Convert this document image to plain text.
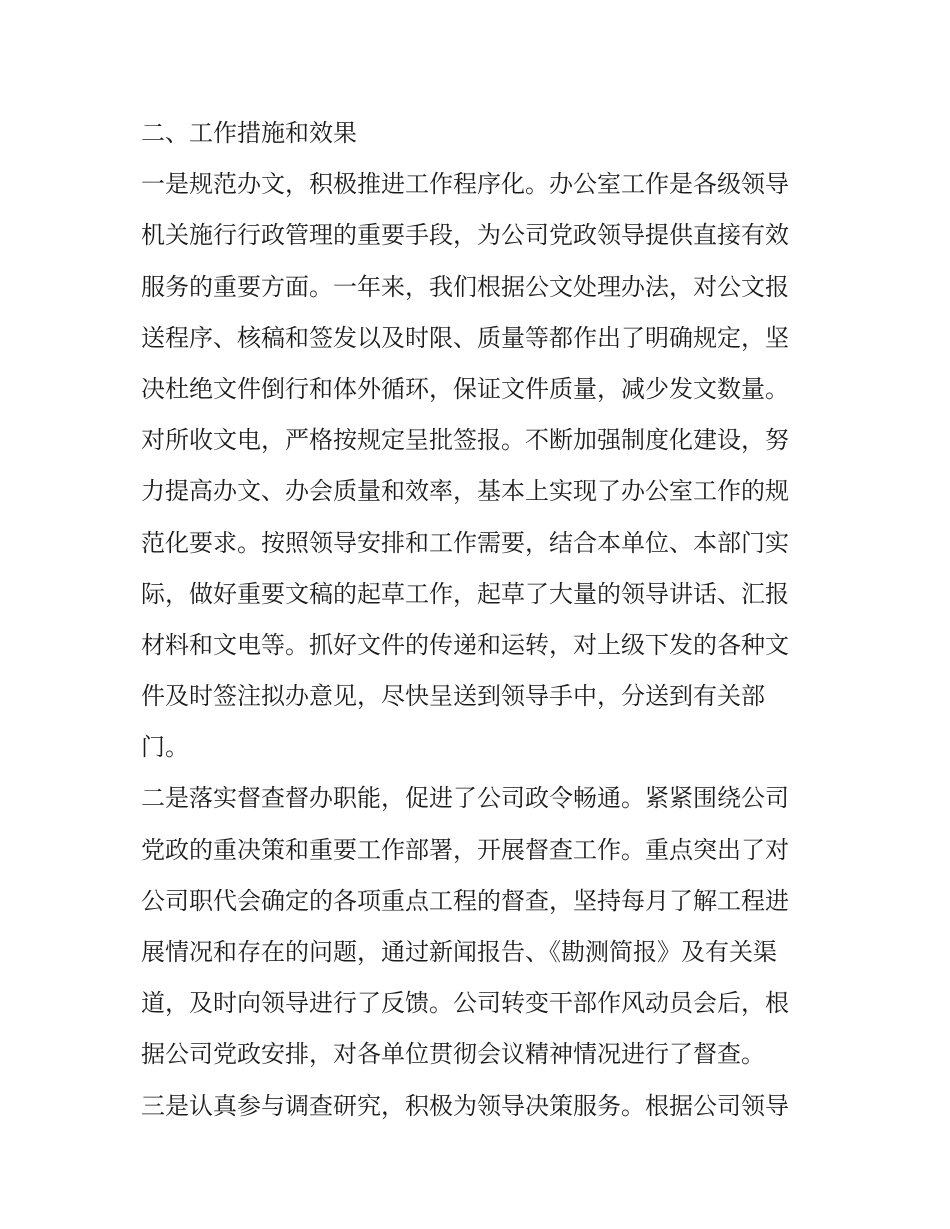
二、工作措施和效果
一是规范办文，积极推进工作程序化。办公室工作是各级领导
机关施行行政管理的重要手段，为公司党政领导提供直接有效
服务的重要方面。一年来，我们根据公文处理办法，对公文报
送程序、核稿和签发以及时限、质量等都作出了明确规定，坚
决杜绝文件倒行和体外循环，保证文件质量，减少发文数量。
对所收文电，严格按规定呈批签报。不断加强制度化建设，努
力提高办文、办会质量和效率，基本上实现了办公室工作的规
范化要求。按照领导安排和工作需要，结合本单位、本部门实
际，做好重要文稿的起草工作，起草了大量的领导讲话、汇报
材料和文电等。抓好文件的传递和运转，对上级下发的各种文
件及时签注拟办意见，尽快呈送到领导手中，分送到有关部
门。
二是落实督查督办职能，促进了公司政令畅通。紧紧围绕公司
党政的重决策和重要工作部署，开展督查工作。重点突出了对
公司职代会确定的各项重点工程的督查，坚持每月了解工程进
展情况和存在的问题，通过新闻报告、《勘测简报》及有关渠
道，及时向领导进行了反馈。公司转变干部作风动员会后，根
据公司党政安排，对各单位贯彻会议精神情况进行了督查。
三是认真参与调查研究，积极为领导决策服务。根据公司领导
